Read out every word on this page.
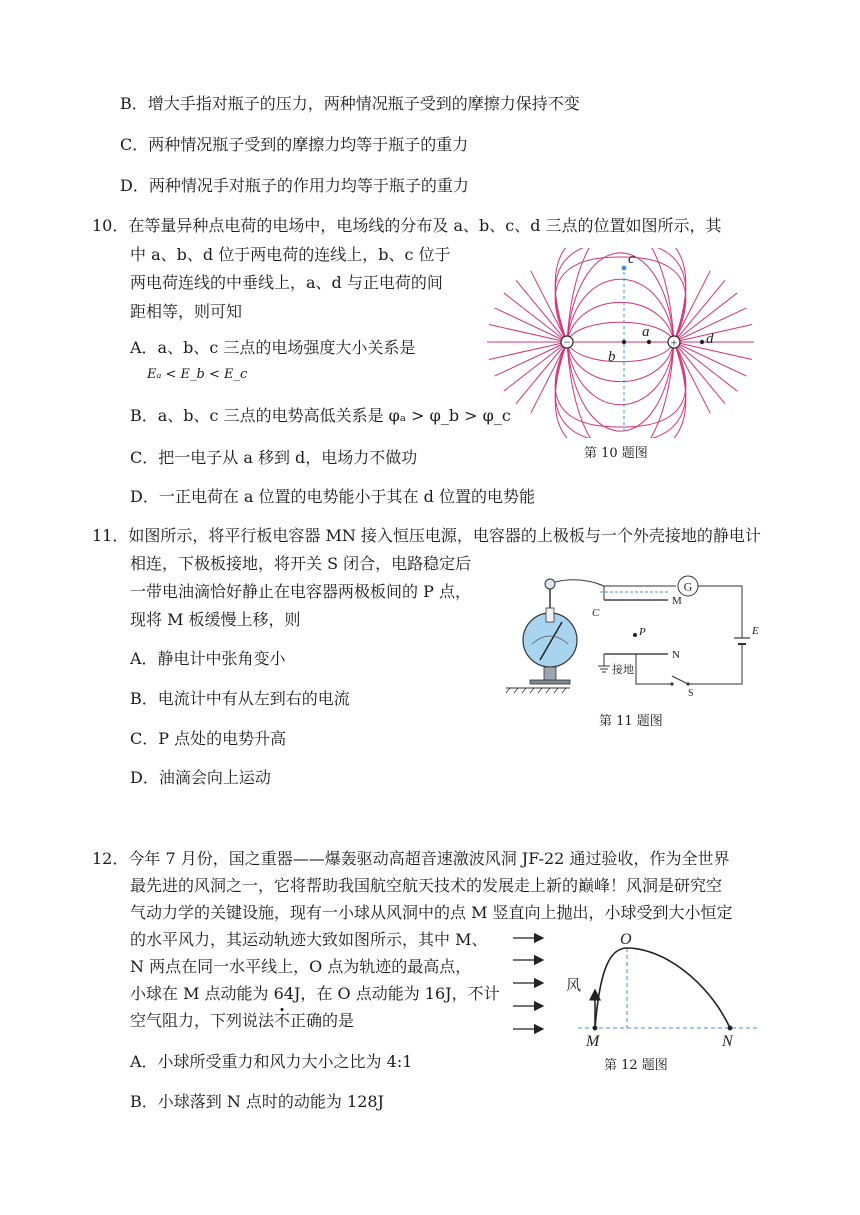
B．增大手指对瓶子的压力，两种情况瓶子受到的摩擦力保持不变
C．两种情况瓶子受到的摩擦力均等于瓶子的重力
D．两种情况手对瓶子的作用力均等于瓶子的重力
10．在等量异种点电荷的电场中，电场线的分布及 a、b、c、d 三点的位置如图所示，其
中 a、b、d 位于两电荷的连线上，b、c 位于
两电荷连线的中垂线上，a、d 与正电荷的间
距相等，则可知
A．a、b、c 三点的电场强度大小关系是
Eₐ < E_b < E_c
B．a、b、c 三点的电势高低关系是 φₐ > φ_b > φ_c
C．把一电子从 a 移到 d，电场力不做功
D．一正电荷在 a 位置的电势能小于其在 d 位置的电势能
−	+
c
b
a	d
第 10 题图
11．如图所示，将平行板电容器 MN 接入恒压电源，电容器的上极板与一个外壳接地的静电计
相连，下极板接地，将开关 S 闭合，电路稳定后
一带电油滴恰好静止在电容器两极板间的 P 点，
现将 M 板缓慢上移，则
A．静电计中张角变小
B．电流计中有从左到右的电流
C．P 点处的电势升高
D．油滴会向上运动
G
C
M
N
P	E
S
接地
第 11 题图
12．今年 7 月份，国之重器——爆轰驱动高超音速激波风洞 JF-22 通过验收，作为全世界
最先进的风洞之一，它将帮助我国航空航天技术的发展走上新的巅峰！风洞是研究空
气动力学的关键设施，现有一小球从风洞中的点 M 竖直向上抛出，小球受到大小恒定
的水平风力，其运动轨迹大致如图所示，其中 M、
N 两点在同一水平线上，O 点为轨迹的最高点，
小球在 M 点动能为 64J，在 O 点动能为 16J，不计
空气阻力，下列说法不正确的是
A．小球所受重力和风力大小之比为 4:1
B．小球落到 N 点时的动能为 128J
O
M	N
风
第 12 题图
